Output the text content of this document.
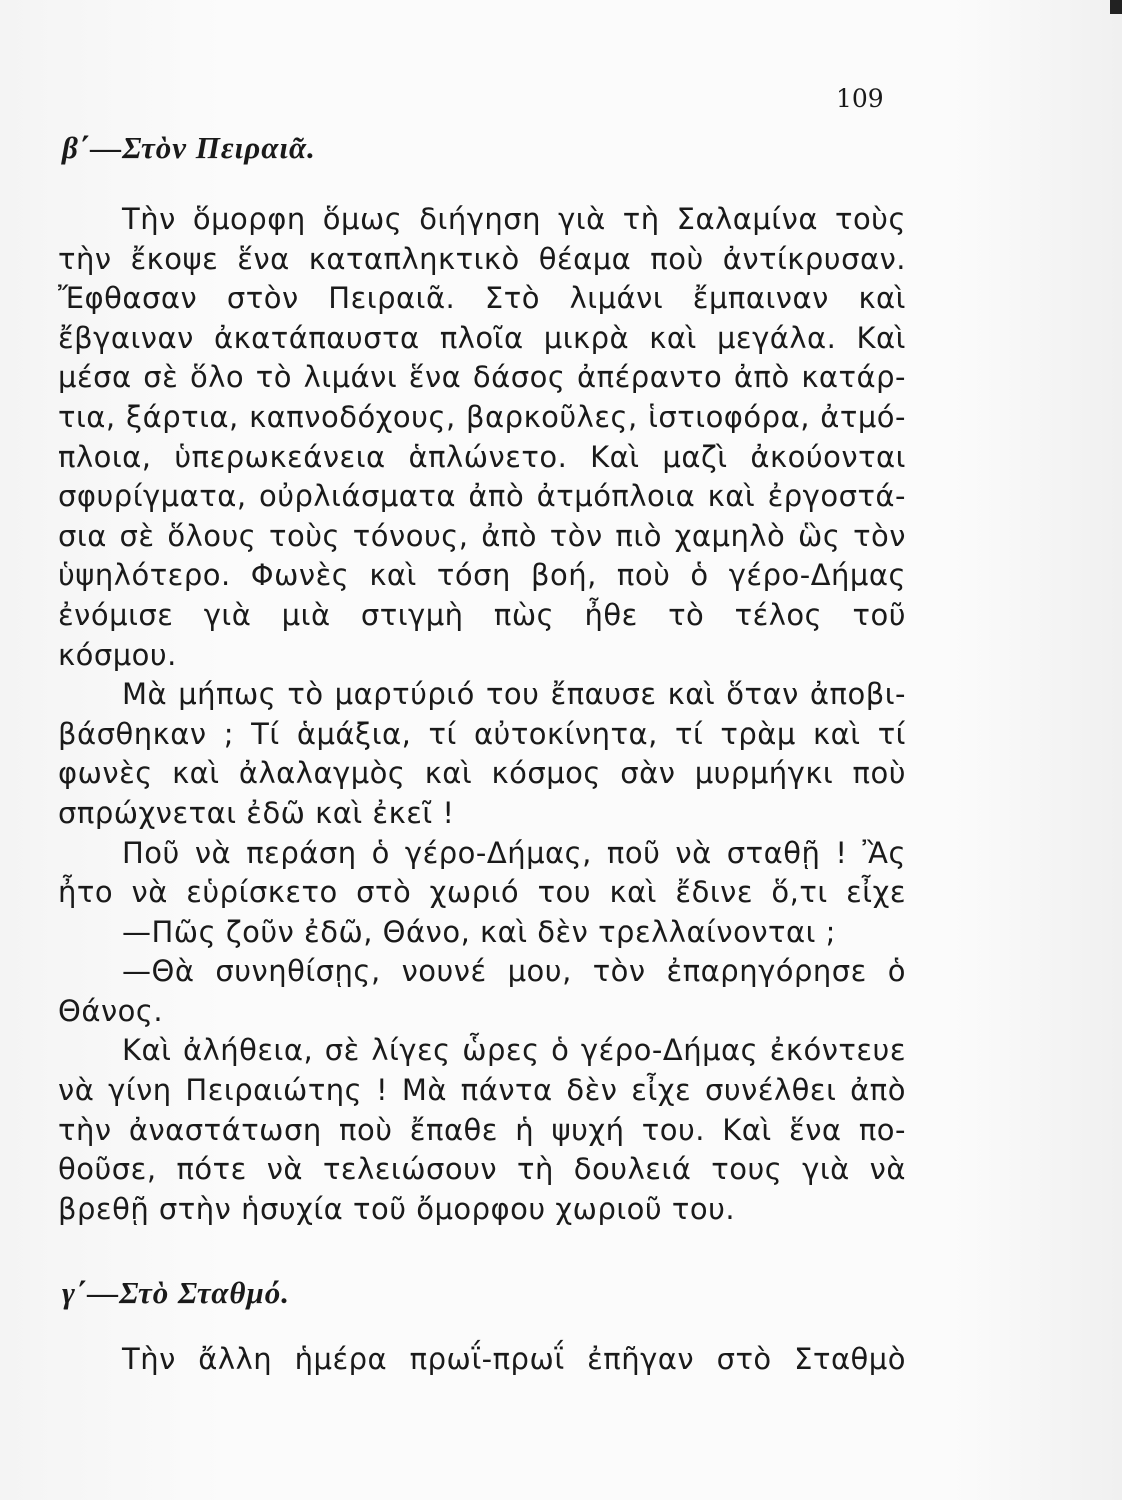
109
β΄—Στὸν Πειραιᾶ.
Τὴν ὅμορφη ὅμως διήγηση γιὰ τὴ Σαλαμίνα τοὺς
τὴν ἔκοψε ἕνα καταπληκτικὸ θέαμα ποὺ ἀντίκρυσαν.
Ἔφθασαν στὸν Πειραιᾶ. Στὸ λιμάνι ἔμπαιναν καὶ
ἔβγαιναν ἀκατάπαυστα πλοῖα μικρὰ καὶ μεγάλα. Καὶ
μέσα σὲ ὅλο τὸ λιμάνι ἕνα δάσος ἀπέραντο ἀπὸ κατάρ-
τια, ξάρτια, καπνοδόχους, βαρκοῦλες, ἱστιοφόρα, ἀτμό-
πλοια, ὑπερωκεάνεια ἁπλώνετο. Καὶ μαζὶ ἀκούονται
σφυρίγματα, οὐρλιάσματα ἀπὸ ἀτμόπλοια καὶ ἐργοστά-
σια σὲ ὅλους τοὺς τόνους, ἀπὸ τὸν πιὸ χαμηλὸ ὣς τὸν
ὑψηλότερο. Φωνὲς καὶ τόση βοή, ποὺ ὁ γέρο-Δήμας
ἐνόμισε γιὰ μιὰ στιγμὴ πὼς ἦθε τὸ τέλος τοῦ
κόσμου.
Μὰ μήπως τὸ μαρτύριό του ἔπαυσε καὶ ὅταν ἀποβι-
βάσθηκαν ; Τί ἁμάξια, τί αὐτοκίνητα, τί τρὰμ καὶ τί
φωνὲς καὶ ἀλαλαγμὸς καὶ κόσμος σὰν μυρμήγκι ποὺ
σπρώχνεται ἐδῶ καὶ ἐκεῖ !
Ποῦ νὰ περάση ὁ γέρο-Δήμας, ποῦ νὰ σταθῇ ! Ἂς
ἦτο νὰ εὑρίσκετο στὸ χωριό του καὶ ἔδινε ὅ,τι εἶχε
—Πῶς ζοῦν ἐδῶ, Θάνο, καὶ δὲν τρελλαίνονται ;
—Θὰ συνηθίσῃς, νουνέ μου, τὸν ἐπαρηγόρησε ὁ
Θάνος.
Καὶ ἀλήθεια, σὲ λίγες ὧρες ὁ γέρο-Δήμας ἐκόντευε
νὰ γίνη Πειραιώτης ! Μὰ πάντα δὲν εἶχε συνέλθει ἀπὸ
τὴν ἀναστάτωση ποὺ ἔπαθε ἡ ψυχή του. Καὶ ἕνα πο-
θοῦσε, πότε νὰ τελειώσουν τὴ δουλειά τους γιὰ νὰ
βρεθῇ στὴν ἡσυχία τοῦ ὄμορφου χωριοῦ του.
γ΄—Στὸ Σταθμό.
Τὴν ἄλλη ἡμέρα πρωΐ-πρωΐ ἐπῆγαν στὸ Σταθμὸ
